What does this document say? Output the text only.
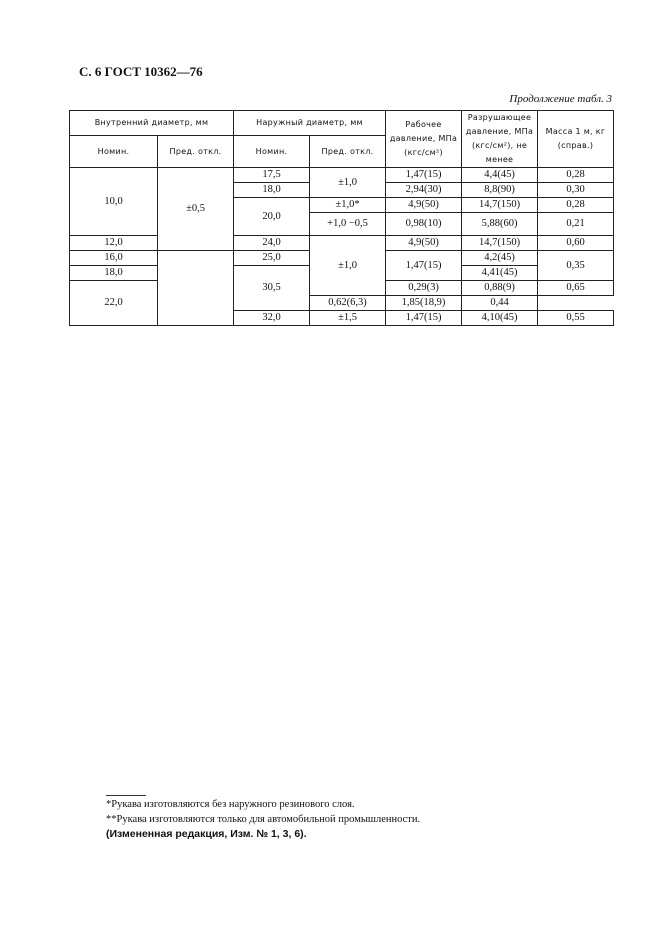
С. 6 ГОСТ 10362—76
Продолжение табл. 3
Внутренний диаметр, мм		Наружный диаметр, мм		Рабочее давление, МПа (кгс/см²)	Разрушающее давление, МПа (кгс/см²), не менее	Масса 1 м, кг (справ.)
Номин.	Пред. откл.	Номин.	Пред. откл.			
10,0	±0,5	17,5	±1,0	1,47(15)	4,4(45)	0,28
		18,0		2,94(30)	8,8(90)	0,30
		20,0	±1,0*	4,9(50)	14,7(150)	0,28
			+1,0 −0,5	0,98(10)	5,88(60)	0,21
12,0		24,0	±1,0	4,9(50)	14,7(150)	0,60
16,0		25,0		1,47(15)	4,2(45)	0,35
18,0		30,5			4,41(45)	
22,0				0,29(3)	0,88(9)	0,65
			0,62(6,3)	1,85(18,9)	0,44	
		32,0	±1,5	1,47(15)	4,10(45)	0,55
*Рукава изготовляются без наружного резинового слоя.
**Рукава изготовляются только для автомобильной промышленности.
(Измененная редакция, Изм. № 1, 3, 6).
